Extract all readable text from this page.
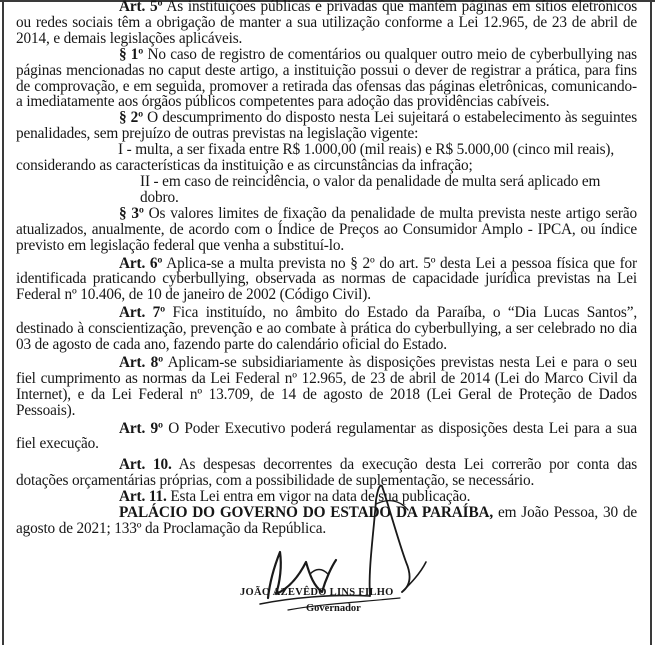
Art. 5º As instituições públicas e privadas que mantêm páginas em sítios eletrônicos ou redes sociais têm a obrigação de manter a sua utilização conforme a Lei 12.965, de 23 de abril de 2014, e demais legislações aplicáveis.

§ 1º No caso de registro de comentários ou qualquer outro meio de cyberbullying nas páginas mencionadas no caput deste artigo, a instituição possui o dever de registrar a prática, para fins de comprovação, e em seguida, promover a retirada das ofensas das páginas eletrônicas, comunicando-a imediatamente aos órgãos públicos competentes para adoção das providências cabíveis.

§ 2º O descumprimento do disposto nesta Lei sujeitará o estabelecimento às seguintes penalidades, sem prejuízo de outras previstas na legislação vigente:

I - multa, a ser fixada entre R$ 1.000,00 (mil reais) e R$ 5.000,00 (cinco mil reais),

considerando as características da instituição e as circunstâncias da infração;

II - em caso de reincidência, o valor da penalidade de multa será aplicado em dobro.

§ 3º Os valores limites de fixação da penalidade de multa prevista neste artigo serão atualizados, anualmente, de acordo com o Índice de Preços ao Consumidor Amplo - IPCA, ou índice previsto em legislação federal que venha a substituí-lo.

Art. 6º Aplica-se a multa prevista no § 2º do art. 5º desta Lei a pessoa física que for identificada praticando cyberbullying, observada as normas de capacidade jurídica previstas na Lei Federal nº 10.406, de 10 de janeiro de 2002 (Código Civil).

Art. 7º Fica instituído, no âmbito do Estado da Paraíba, o “Dia Lucas Santos”, destinado à conscientização, prevenção e ao combate à prática do cyberbullying, a ser celebrado no dia 03 de agosto de cada ano, fazendo parte do calendário oficial do Estado.

Art. 8º Aplicam-se subsidiariamente às disposições previstas nesta Lei e para o seu fiel cumprimento as normas da Lei Federal nº 12.965, de 23 de abril de 2014 (Lei do Marco Civil da Internet), e da Lei Federal nº 13.709, de 14 de agosto de 2018 (Lei Geral de Proteção de Dados Pessoais).

Art. 9º O Poder Executivo poderá regulamentar as disposições desta Lei para a sua fiel execução.

Art. 10. As despesas decorrentes da execução desta Lei correrão por conta das dotações orçamentárias próprias, com a possibilidade de suplementação, se necessário.

Art. 11. Esta Lei entra em vigor na data de sua publicação.

PALÁCIO DO GOVERNO DO ESTADO DA PARAÍBA, em João Pessoa, 30 de agosto de 2021; 133º da Proclamação da República.

JOÃO AZEVÊDO LINS FILHO
Governador
